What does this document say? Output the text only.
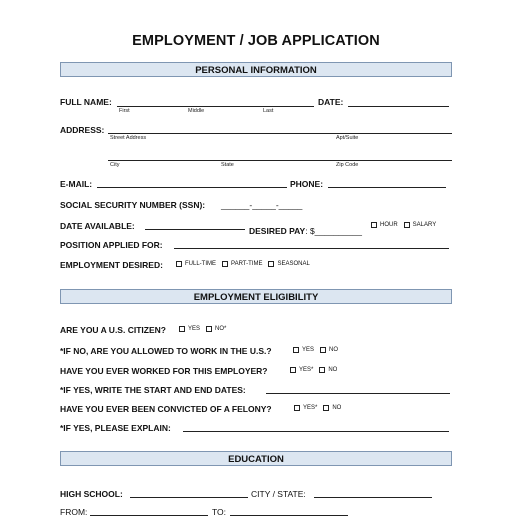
EMPLOYMENT / JOB APPLICATION
PERSONAL INFORMATION
FULL NAME:
First	Middle	Last
DATE:
ADDRESS:
Street Address	Apt/Suite
City	State	Zip Code
E-MAIL:	PHONE:
SOCIAL SECURITY NUMBER (SSN): ______-_____-_____
DATE AVAILABLE:	DESIRED PAY: $__________
HOUR	SALARY
POSITION APPLIED FOR:
EMPLOYMENT DESIRED:	FULL-TIME	PART-TIME	SEASONAL
EMPLOYMENT ELIGIBILITY
ARE YOU A U.S. CITIZEN?	YES	NO*
*IF NO, ARE YOU ALLOWED TO WORK IN THE U.S.?	YES	NO
HAVE YOU EVER WORKED FOR THIS EMPLOYER?	YES*	NO
*IF YES, WRITE THE START AND END DATES:
HAVE YOU EVER BEEN CONVICTED OF A FELONY?	YES*	NO
*IF YES, PLEASE EXPLAIN:
EDUCATION
HIGH SCHOOL:	CITY / STATE:
FROM:	TO:
